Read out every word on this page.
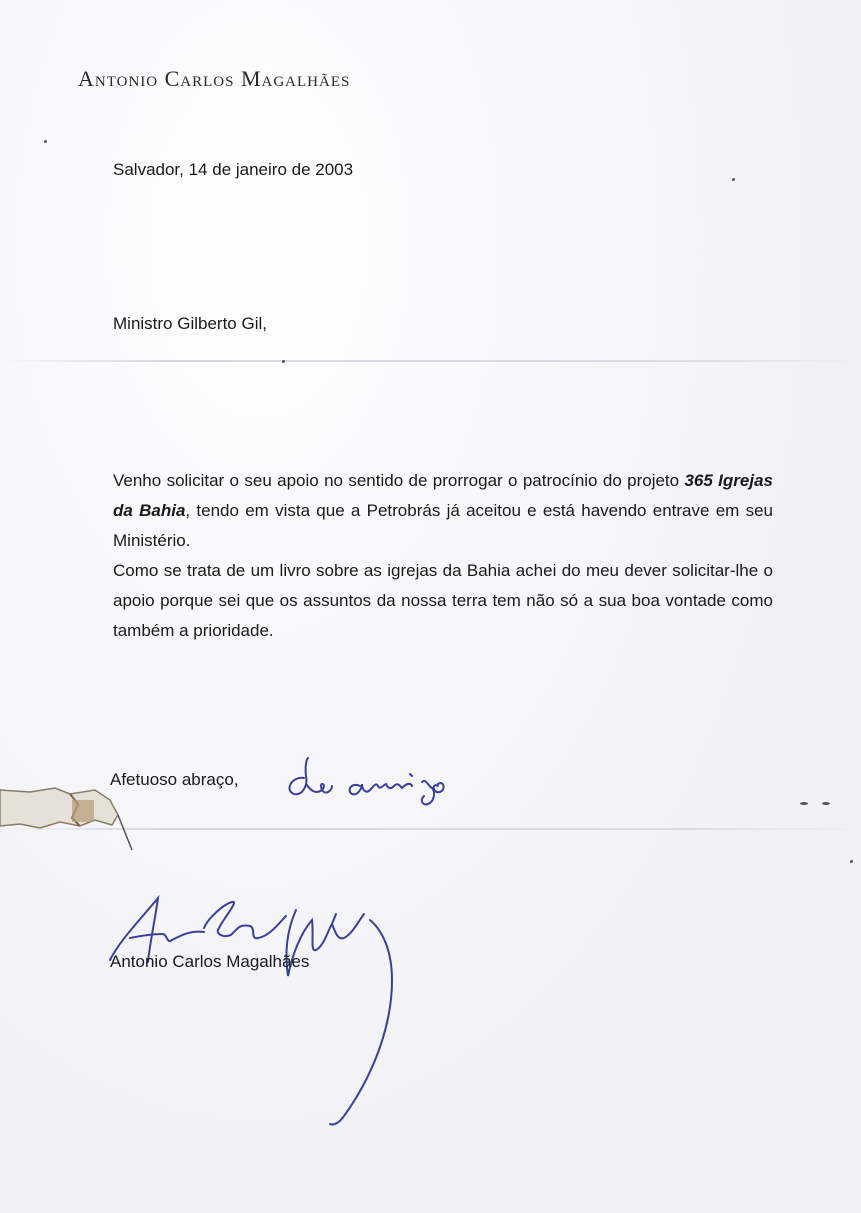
Antonio Carlos Magalhães
Salvador, 14 de janeiro de 2003
Ministro Gilberto Gil,

Venho solicitar o seu apoio no sentido de prorrogar o patrocínio do projeto 365 Igrejas da Bahia, tendo em vista que a Petrobrás já aceitou e está havendo entrave em seu Ministério.

Como se trata de um livro sobre as igrejas da Bahia achei do meu dever solicitar-lhe o apoio porque sei que os assuntos da nossa terra tem não só a sua boa vontade como também a prioridade.

Afetuoso abraço,
Antonio Carlos Magalhães
